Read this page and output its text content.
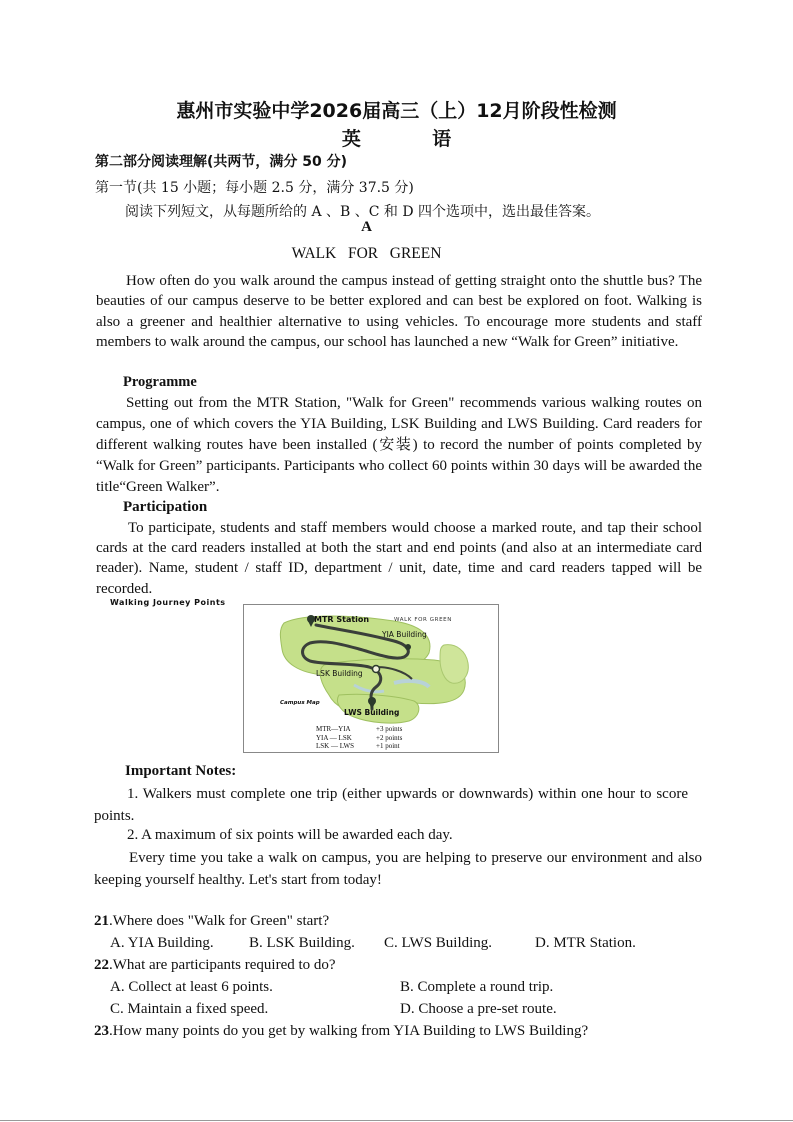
惠州市实验中学2026届高三（上）12月阶段性检测
英	语
第二部分阅读理解(共两节，满分 50 分)
第一节(共 15 小题；每小题 2.5 分，满分 37.5 分)
阅读下列短文，从每题所给的 A 、B 、C 和 D 四个选项中，选出最佳答案。
A
WALK   FOR   GREEN
How often do you walk around the campus instead of getting straight onto the shuttle bus? The beauties of our campus deserve to be better explored and can best be explored on foot. Walking is also a greener and healthier alternative to using vehicles. To encourage more students and staff members to walk around the campus, our school has launched a new “Walk for Green” initiative.
Programme
Setting out from the MTR Station, "Walk for Green" recommends various walking routes on campus, one of which covers the YIA Building, LSK Building and LWS Building. Card readers for different walking routes have been installed (安装) to record the number of points completed by “Walk for Green” participants. Participants who collect 60 points within 30 days will be awarded the title“Green Walker”.
Participation
To participate, students and staff members would choose a marked route, and tap their school cards at the card readers installed at both the start and end points (and also at an intermediate card reader). Name, student / staff ID, department / unit, date, time and card readers tapped will be recorded.
Walking Journey Points
MTR Station	WALK FOR GREEN
YIA Building
LSK Building
Campus Map
LWS Building
MTR—YIA	+3 points
YIA — LSK	+2 points
LSK — LWS	+1 point
Important Notes:
1. Walkers must complete one trip (either upwards or downwards) within one hour to score points.
2. A maximum of six points will be awarded each day.
Every time you take a walk on campus, you are helping to preserve our environment and also keeping yourself healthy. Let's start from today!
21.Where does "Walk for Green" start?
A. YIA Building. B. LSK Building. C. LWS Building.	D. MTR Station.
22.What are participants required to do?
A. Collect at least 6 points.	B. Complete a round trip.
C. Maintain a fixed speed.	D. Choose a pre-set route.
23.How many points do you get by walking from YIA Building to LWS Building?
